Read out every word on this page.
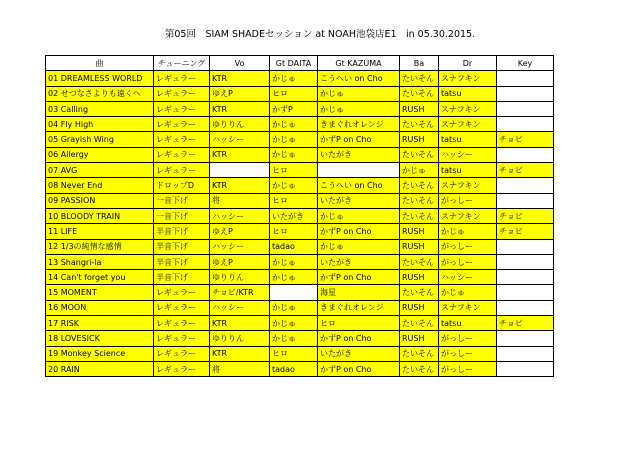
第05回　SIAM SHADEセッション at NOAH池袋店E1　in 05.30.2015.
曲	チューニング	Vo	Gt DAITA	Gt KAZUMA	Ba	Dr	Key
01 DREAMLESS WORLD	レギュラー	KTR	かじゅ	こうへい on Cho	たいそん	スナフキン	
02 せつなさよりも遠くへ	レギュラー	ゆえP	ヒロ	かじゅ	たいそん	tatsu	
03 Calling	レギュラー	KTR	かずP	かじゅ	RUSH	スナフキン	
04 Fly High	レギュラー	ゆりりん	かじゅ	きまぐれオレンジ	たいそん	スナフキン	
05 Grayish Wing	レギュラー	ハッシー	かじゅ	かずP on Cho	RUSH	tatsu	チョビ
06 Allergy	レギュラー	KTR	かじゅ	いたがき	たいそん	ハッシー	
07 AVG	レギュラー		ヒロ		かじゅ	tatsu	チョビ
08 Never End	ドロップD	KTR	かじゅ	こうへい on Cho	たいそん	スナフキン	
09 PASSION	一音下げ	将	ヒロ	いたがき	たいそん	がっしー	
10 BLOODY TRAIN	一音下げ	ハッシー	いたがき	かじゅ	たいそん	スナフキン	チョビ
11 LIFE	半音下げ	ゆえP	ヒロ	かずP on Cho	RUSH	かじゅ	チョビ
12 1/3の純情な感情	半音下げ	ハッシー	tadao	かじゅ	RUSH	がっしー	
13 Shangri-la	半音下げ	ゆえP	かじゅ	いたがき	たいそん	がっしー	
14 Can't forget you	半音下げ	ゆりりん	かじゅ	かずP on Cho	RUSH	ハッシー	
15 MOMENT	レギュラー	チョビ/KTR		海星	たいそん	かじゅ	
16 MOON	レギュラー	ハッシー	かじゅ	きまぐれオレンジ	RUSH	スナフキン	
17 RISK	レギュラー	KTR	かじゅ	ヒロ	たいそん	tatsu	チョビ
18 LOVESICK	レギュラー	ゆりりん	かじゅ	かずP on Cho	RUSH	がっしー	
19 Monkey Science	レギュラー	KTR	ヒロ	いたがき	たいそん	がっしー	
20 RAIN	レギュラー	将	tadao	かずP on Cho	たいそん	がっしー	
